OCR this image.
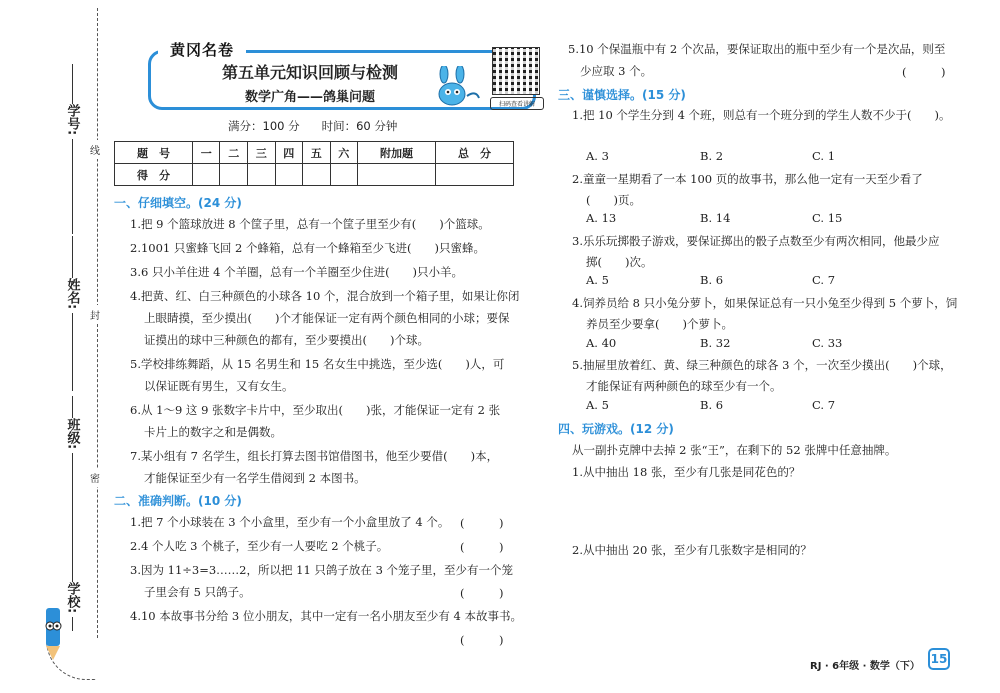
线
封
密
学号:
姓名:
班级:
学校:
黄冈名卷
第五单元知识回顾与检测
数学广角——鸽巢问题	扫码查看讲解
满分：100 分 时间：60 分钟
题　号	一	二	三	四	五	六	附加题	总　分
得　分								
一、仔细填空。(24 分)
1.把 9 个篮球放进 8 个筐子里，总有一个筐子里至少有(　　)个篮球。
2.1001 只蜜蜂飞回 2 个蜂箱，总有一个蜂箱至少飞进(　　)只蜜蜂。
3.6 只小羊住进 4 个羊圈，总有一个羊圈至少住进(　　)只小羊。
4.把黄、红、白三种颜色的小球各 10 个，混合放到一个箱子里，如果让你闭
上眼睛摸，至少摸出(　　)个才能保证一定有两个颜色相同的小球；要保
证摸出的球中三种颜色的都有，至少要摸出(　　)个球。
5.学校排练舞蹈，从 15 名男生和 15 名女生中挑选，至少选(　　)人，可
以保证既有男生，又有女生。
6.从 1～9 这 9 张数字卡片中，至少取出(　　)张，才能保证一定有 2 张
卡片上的数字之和是偶数。
7.某小组有 7 名学生，组长打算去图书馆借图书，他至少要借(　　)本，
才能保证至少有一名学生借阅到 2 本图书。
二、准确判断。(10 分)
1.把 7 个小球装在 3 个小盒里，至少有一个小盒里放了 4 个。 (　　　)
2.4 个人吃 3 个桃子，至少有一人要吃 2 个桃子。	(　　　)
3.因为 11÷3=3……2，所以把 11 只鸽子放在 3 个笼子里，至少有一个笼
子里会有 5 只鸽子。	(　　　)
4.10 本故事书分给 3 位小朋友，其中一定有一名小朋友至少有 4 本故事书。
(　　　)
5.10 个保温瓶中有 2 个次品，要保证取出的瓶中至少有一个是次品，则至
少应取 3 个。	(　　　)
三、谨慎选择。(15 分)
1.把 10 个学生分到 4 个班，则总有一个班分到的学生人数不少于(　　)。
A. 3	B. 2	C. 1
2.童童一星期看了一本 100 页的故事书，那么他一定有一天至少看了
(　　)页。
A. 13	B. 14	C. 15
3.乐乐玩掷骰子游戏，要保证掷出的骰子点数至少有两次相同，他最少应
掷(　　)次。
A. 5	B. 6	C. 7
4.饲养员给 8 只小兔分萝卜，如果保证总有一只小兔至少得到 5 个萝卜，饲
养员至少要拿(　　)个萝卜。
A. 40	B. 32	C. 33
5.抽屉里放着红、黄、绿三种颜色的球各 3 个，一次至少摸出(　　)个球，
才能保证有两种颜色的球至少有一个。
A. 5	B. 6	C. 7
四、玩游戏。(12 分)
从一副扑克牌中去掉 2 张“王”，在剩下的 52 张牌中任意抽牌。
1.从中抽出 18 张，至少有几张是同花色的？
2.从中抽出 20 张，至少有几张数字是相同的？
RJ · 6年级 · 数学（下）
15
